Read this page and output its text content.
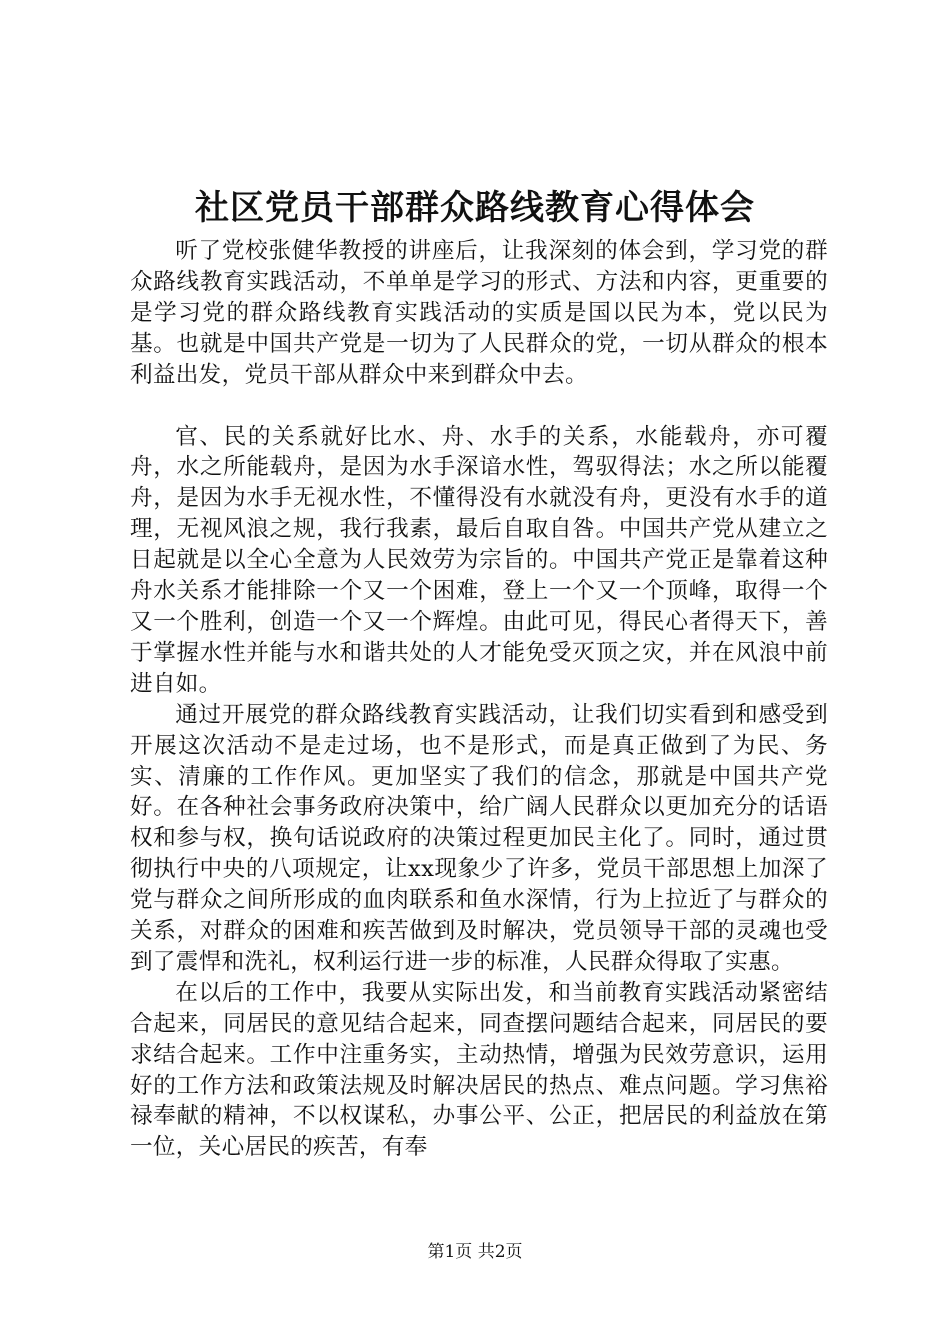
社区党员干部群众路线教育心得体会

听了党校张健华教授的讲座后，让我深刻的体会到，学习党的群众路线教育实践活动，不单单是学习的形式、方法和内容，更重要的是学习党的群众路线教育实践活动的实质是国以民为本，党以民为基。也就是中国共产党是一切为了人民群众的党，一切从群众的根本利益出发，党员干部从群众中来到群众中去。

官、民的关系就好比水、舟、水手的关系，水能载舟，亦可覆舟，水之所能载舟，是因为水手深谙水性，驾驭得法；水之所以能覆舟，是因为水手无视水性，不懂得没有水就没有舟，更没有水手的道理，无视风浪之规，我行我素，最后自取自咎。中国共产党从建立之日起就是以全心全意为人民效劳为宗旨的。中国共产党正是靠着这种舟水关系才能排除一个又一个困难，登上一个又一个顶峰，取得一个又一个胜利，创造一个又一个辉煌。由此可见，得民心者得天下，善于掌握水性并能与水和谐共处的人才能免受灭顶之灾，并在风浪中前进自如。

通过开展党的群众路线教育实践活动，让我们切实看到和感受到开展这次活动不是走过场，也不是形式，而是真正做到了为民、务实、清廉的工作作风。更加坚实了我们的信念，那就是中国共产党好。在各种社会事务政府决策中，给广阔人民群众以更加充分的话语权和参与权，换句话说政府的决策过程更加民主化了。同时，通过贯彻执行中央的八项规定，让xx现象少了许多，党员干部思想上加深了党与群众之间所形成的血肉联系和鱼水深情，行为上拉近了与群众的关系，对群众的困难和疾苦做到及时解决，党员领导干部的灵魂也受到了震悍和洗礼，权利运行进一步的标准，人民群众得取了实惠。

在以后的工作中，我要从实际出发，和当前教育实践活动紧密结合起来，同居民的意见结合起来，同查摆问题结合起来，同居民的要求结合起来。工作中注重务实，主动热情，增强为民效劳意识，运用好的工作方法和政策法规及时解决居民的热点、难点问题。学习焦裕禄奉献的精神，不以权谋私，办事公平、公正，把居民的利益放在第一位，关心居民的疾苦，有奉

第1页 共2页
